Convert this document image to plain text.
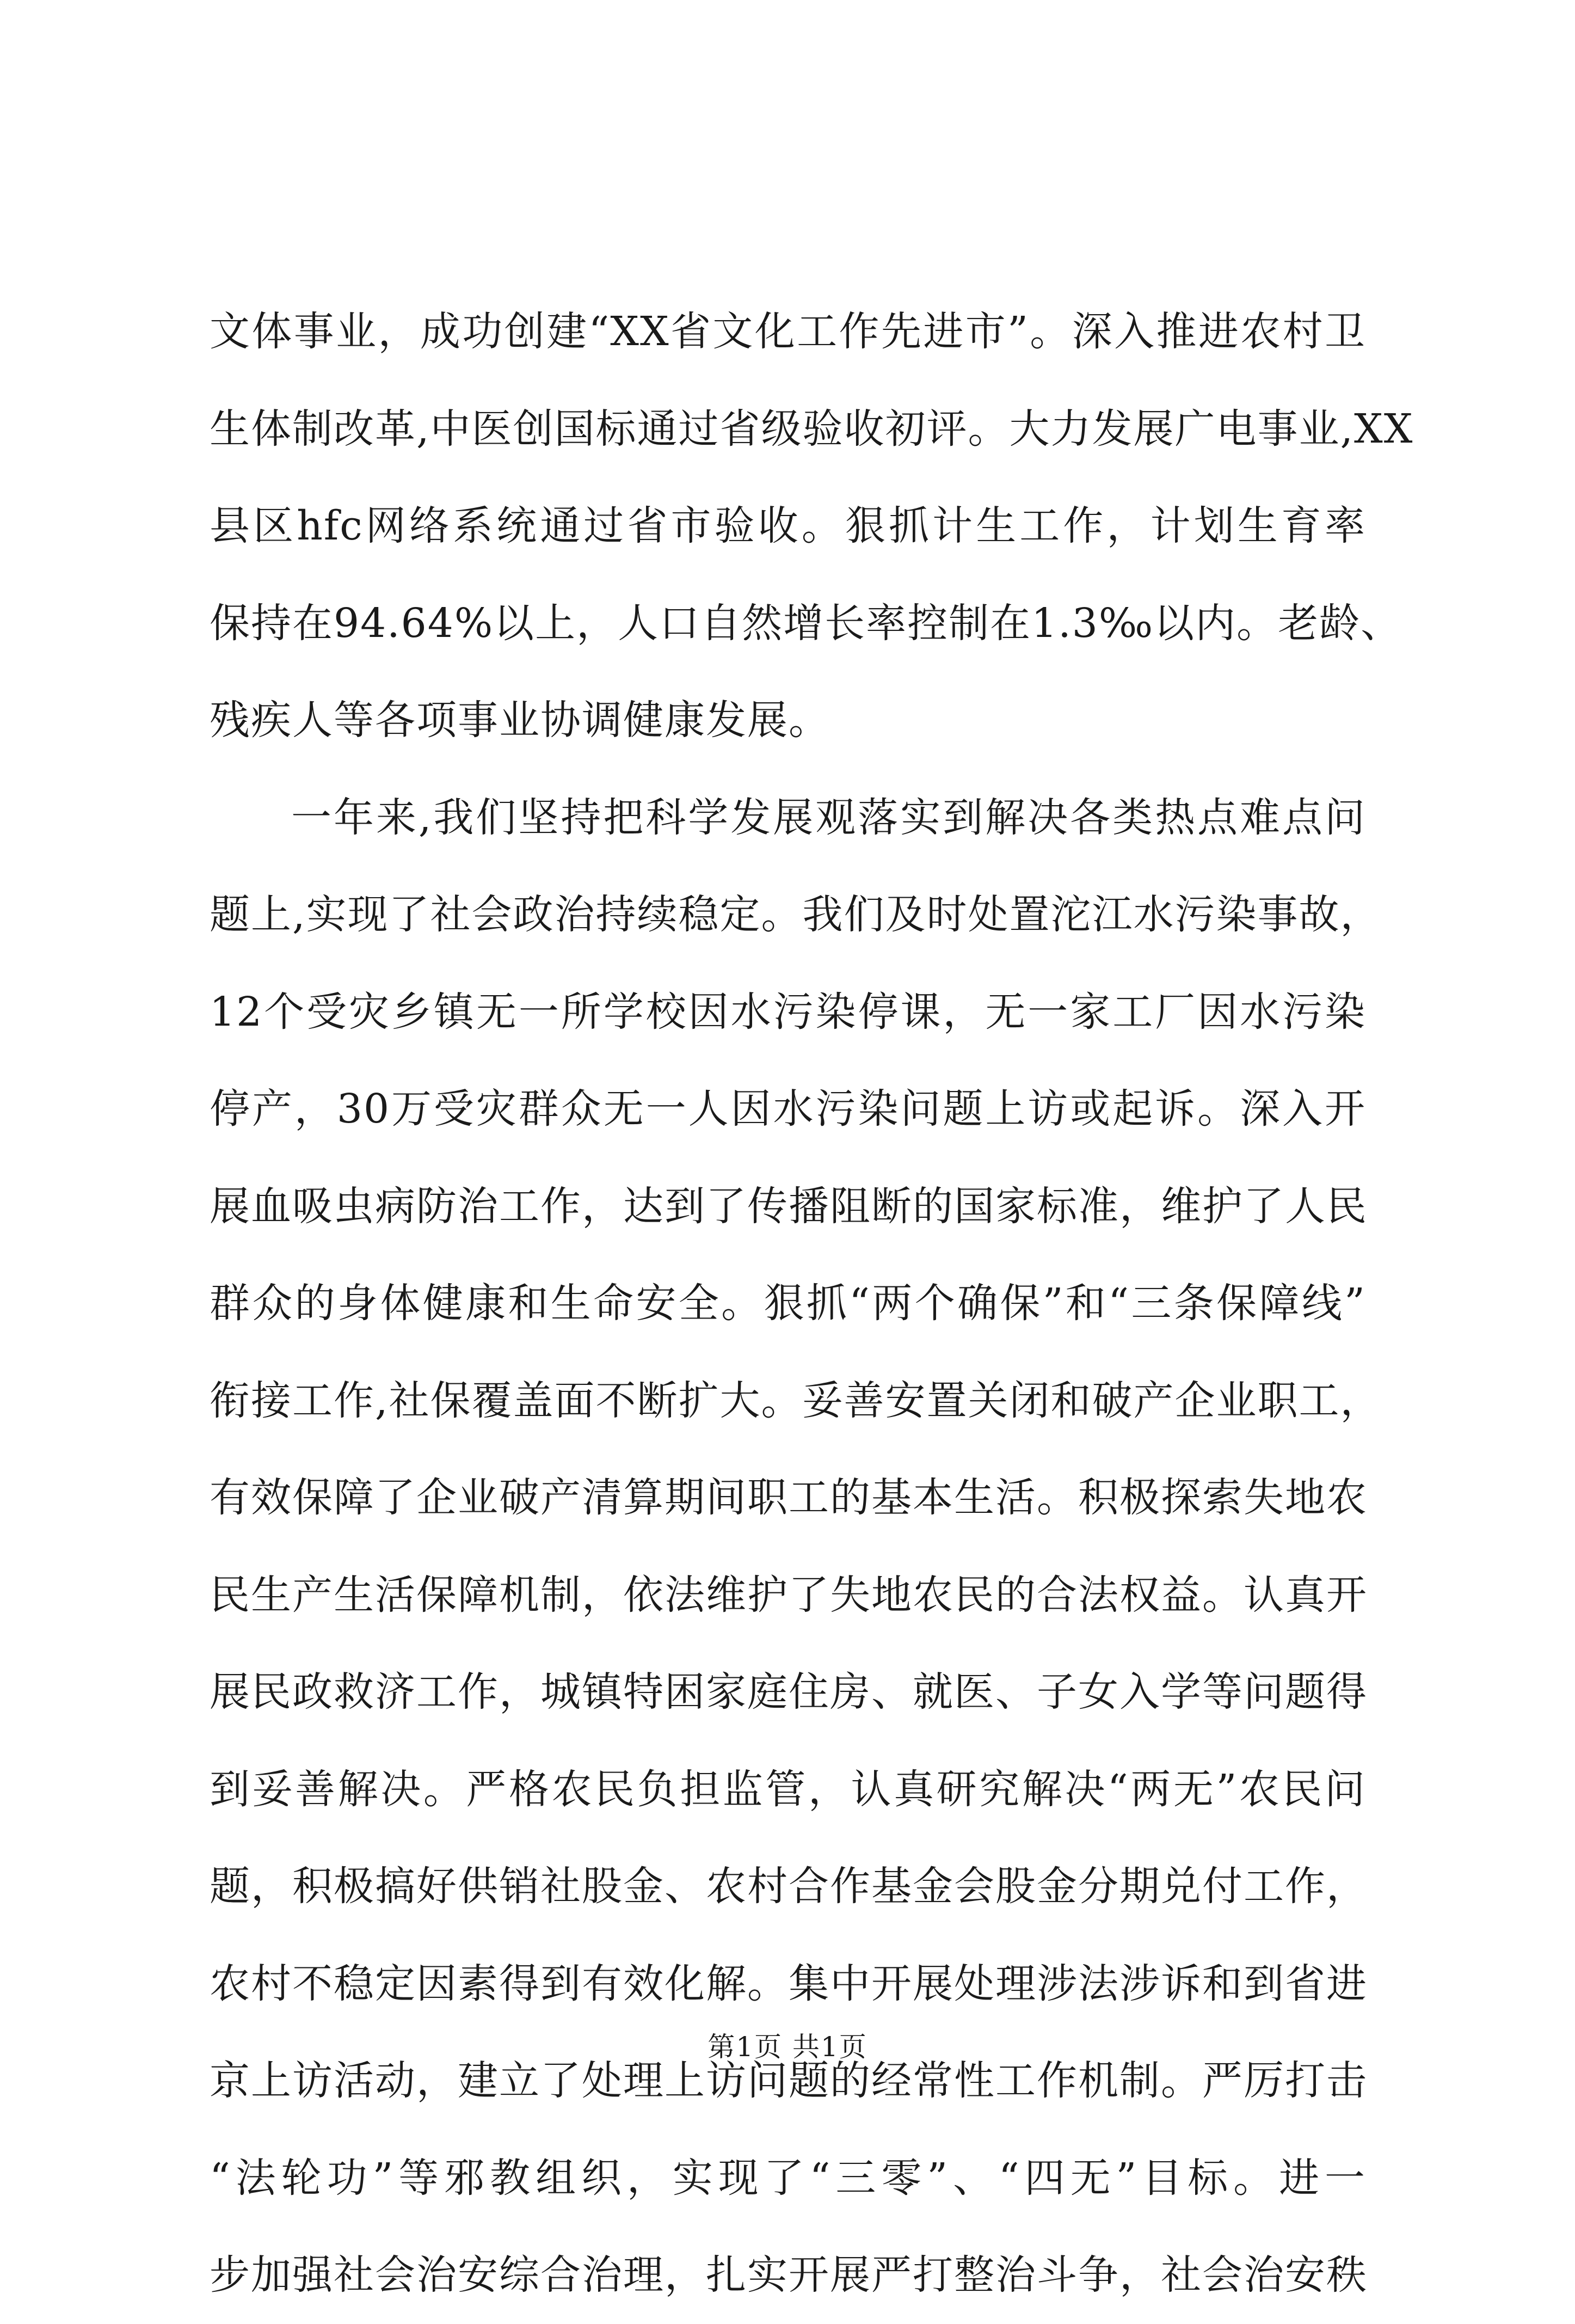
文体事业，成功创建“XX省文化工作先进市”。深入推进农村卫
生体制改革,中医创国标通过省级验收初评。大力发展广电事业,XX
县区hfc网络系统通过省市验收。狠抓计生工作，计划生育率
保持在94.64%以上，人口自然增长率控制在1.3‰以内。老龄、
残疾人等各项事业协调健康发展。
一年来,我们坚持把科学发展观落实到解决各类热点难点问
题上,实现了社会政治持续稳定。我们及时处置沱江水污染事故，
12个受灾乡镇无一所学校因水污染停课，无一家工厂因水污染
停产，30万受灾群众无一人因水污染问题上访或起诉。深入开
展血吸虫病防治工作，达到了传播阻断的国家标准，维护了人民
群众的身体健康和生命安全。狠抓“两个确保”和“三条保障线”
衔接工作,社保覆盖面不断扩大。妥善安置关闭和破产企业职工，
有效保障了企业破产清算期间职工的基本生活。积极探索失地农
民生产生活保障机制，依法维护了失地农民的合法权益。认真开
展民政救济工作，城镇特困家庭住房、就医、子女入学等问题得
到妥善解决。严格农民负担监管，认真研究解决“两无”农民问
题，积极搞好供销社股金、农村合作基金会股金分期兑付工作，
农村不稳定因素得到有效化解。集中开展处理涉法涉诉和到省进
京上访活动，建立了处理上访问题的经常性工作机制。严厉打击
“法轮功”等邪教组织，实现了“三零”、“四无”目标。进一
步加强社会治安综合治理，扎实开展严打整治斗争，社会治安秩
第1页 共1页
